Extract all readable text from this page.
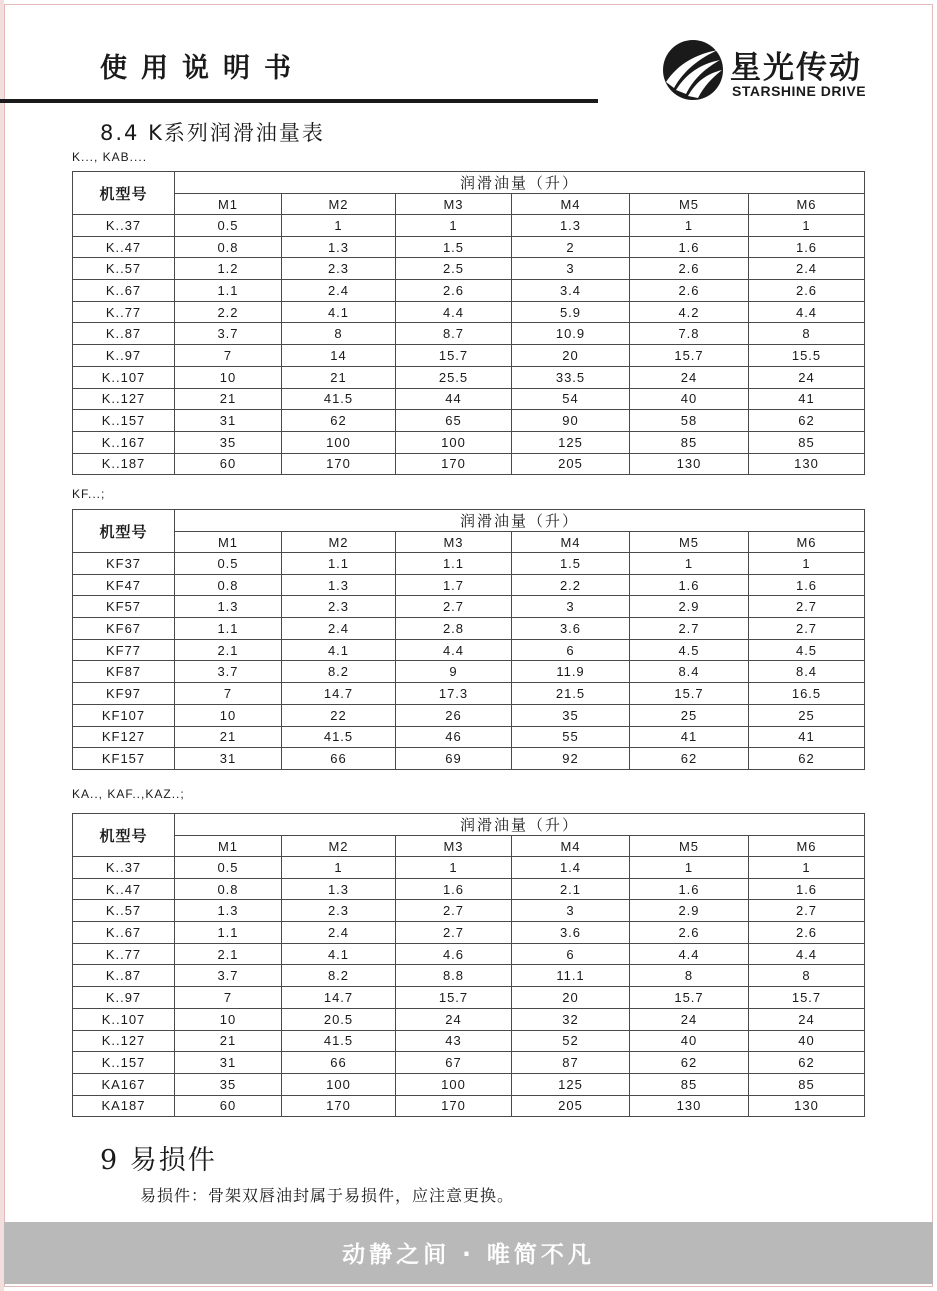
使用说明书	星光传动
STARSHINE DRIVE
8.4 K系列润滑油量表
K..., KAB....
机型号	润滑油量（升）					
	M1	M2	M3	M4	M5	M6
K..37	0.5	1	1	1.3	1	1
K..47	0.8	1.3	1.5	2	1.6	1.6
K..57	1.2	2.3	2.5	3	2.6	2.4
K..67	1.1	2.4	2.6	3.4	2.6	2.6
K..77	2.2	4.1	4.4	5.9	4.2	4.4
K..87	3.7	8	8.7	10.9	7.8	8
K..97	7	14	15.7	20	15.7	15.5
K..107	10	21	25.5	33.5	24	24
K..127	21	41.5	44	54	40	41
K..157	31	62	65	90	58	62
K..167	35	100	100	125	85	85
K..187	60	170	170	205	130	130
KF...;
机型号	润滑油量（升）					
	M1	M2	M3	M4	M5	M6
KF37	0.5	1.1	1.1	1.5	1	1
KF47	0.8	1.3	1.7	2.2	1.6	1.6
KF57	1.3	2.3	2.7	3	2.9	2.7
KF67	1.1	2.4	2.8	3.6	2.7	2.7
KF77	2.1	4.1	4.4	6	4.5	4.5
KF87	3.7	8.2	9	11.9	8.4	8.4
KF97	7	14.7	17.3	21.5	15.7	16.5
KF107	10	22	26	35	25	25
KF127	21	41.5	46	55	41	41
KF157	31	66	69	92	62	62
KA.., KAF..,KAZ..;
机型号	润滑油量（升）					
	M1	M2	M3	M4	M5	M6
K..37	0.5	1	1	1.4	1	1
K..47	0.8	1.3	1.6	2.1	1.6	1.6
K..57	1.3	2.3	2.7	3	2.9	2.7
K..67	1.1	2.4	2.7	3.6	2.6	2.6
K..77	2.1	4.1	4.6	6	4.4	4.4
K..87	3.7	8.2	8.8	11.1	8	8
K..97	7	14.7	15.7	20	15.7	15.7
K..107	10	20.5	24	32	24	24
K..127	21	41.5	43	52	40	40
K..157	31	66	67	87	62	62
KA167	35	100	100	125	85	85
KA187	60	170	170	205	130	130
9 易损件
易损件：骨架双唇油封属于易损件，应注意更换。
动静之间 · 唯简不凡
